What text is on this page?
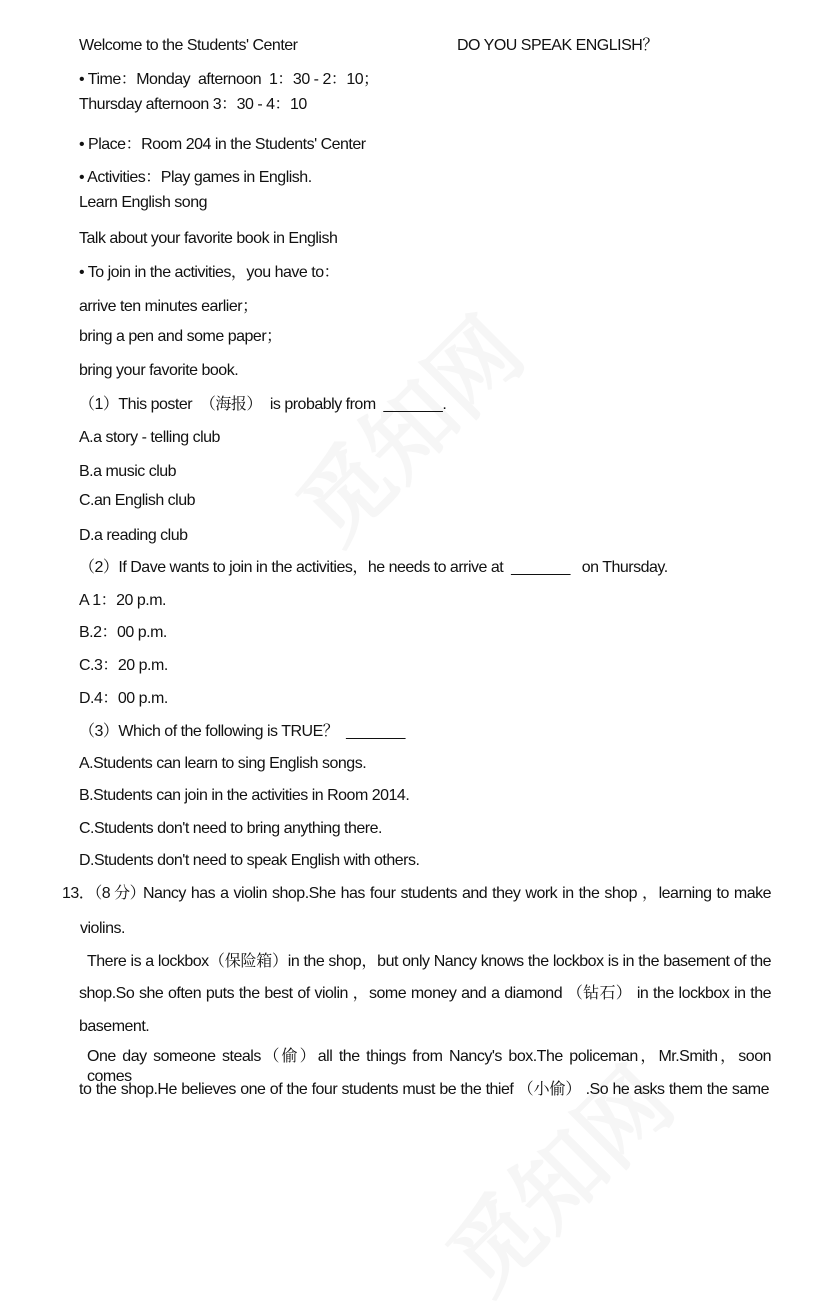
Welcome to the Students' Center	DO YOU SPEAK ENGLISH？
• Time：Monday  afternoon  1：30 - 2：10；
Thursday afternoon 3：30 - 4：10
• Place：Room 204 in the Students' Center
• Activities：Play games in English.
Learn English song
Talk about your favorite book in English
• To join in the activities，you have to：
arrive ten minutes earlier；
bring a pen and some paper；
bring your favorite book.
（1）This poster  （海报）  is probably from  _______.
A.a story - telling club
B.a music club
C.an English club
D.a reading club
（2）If Dave wants to join in the activities，he needs to arrive at  _______   on Thursday.
A 1：20 p.m.
B.2：00 p.m.
C.3：20 p.m.
D.4：00 p.m.
（3）Which of the following is TRUE？  _______
A.Students can learn to sing English songs.
B.Students can join in the activities in Room 2014.
C.Students don't need to bring anything there.
D.Students don't need to speak English with others.
13．（8 分）
Nancy has a violin shop.She has four students and they work in the shop ，learning to make
violins.
There is a lockbox（保险箱）in the shop，but only Nancy knows the lockbox is in the basement of the
shop.So she often puts the best of violin ，some money and a diamond （钻石） in the lockbox in the
basement.
One day someone steals（偷）all the things from Nancy's box.The policeman，Mr.Smith，soon comes
to the shop.He believes one of the four students must be the thief （小偷） .So he asks them the same
